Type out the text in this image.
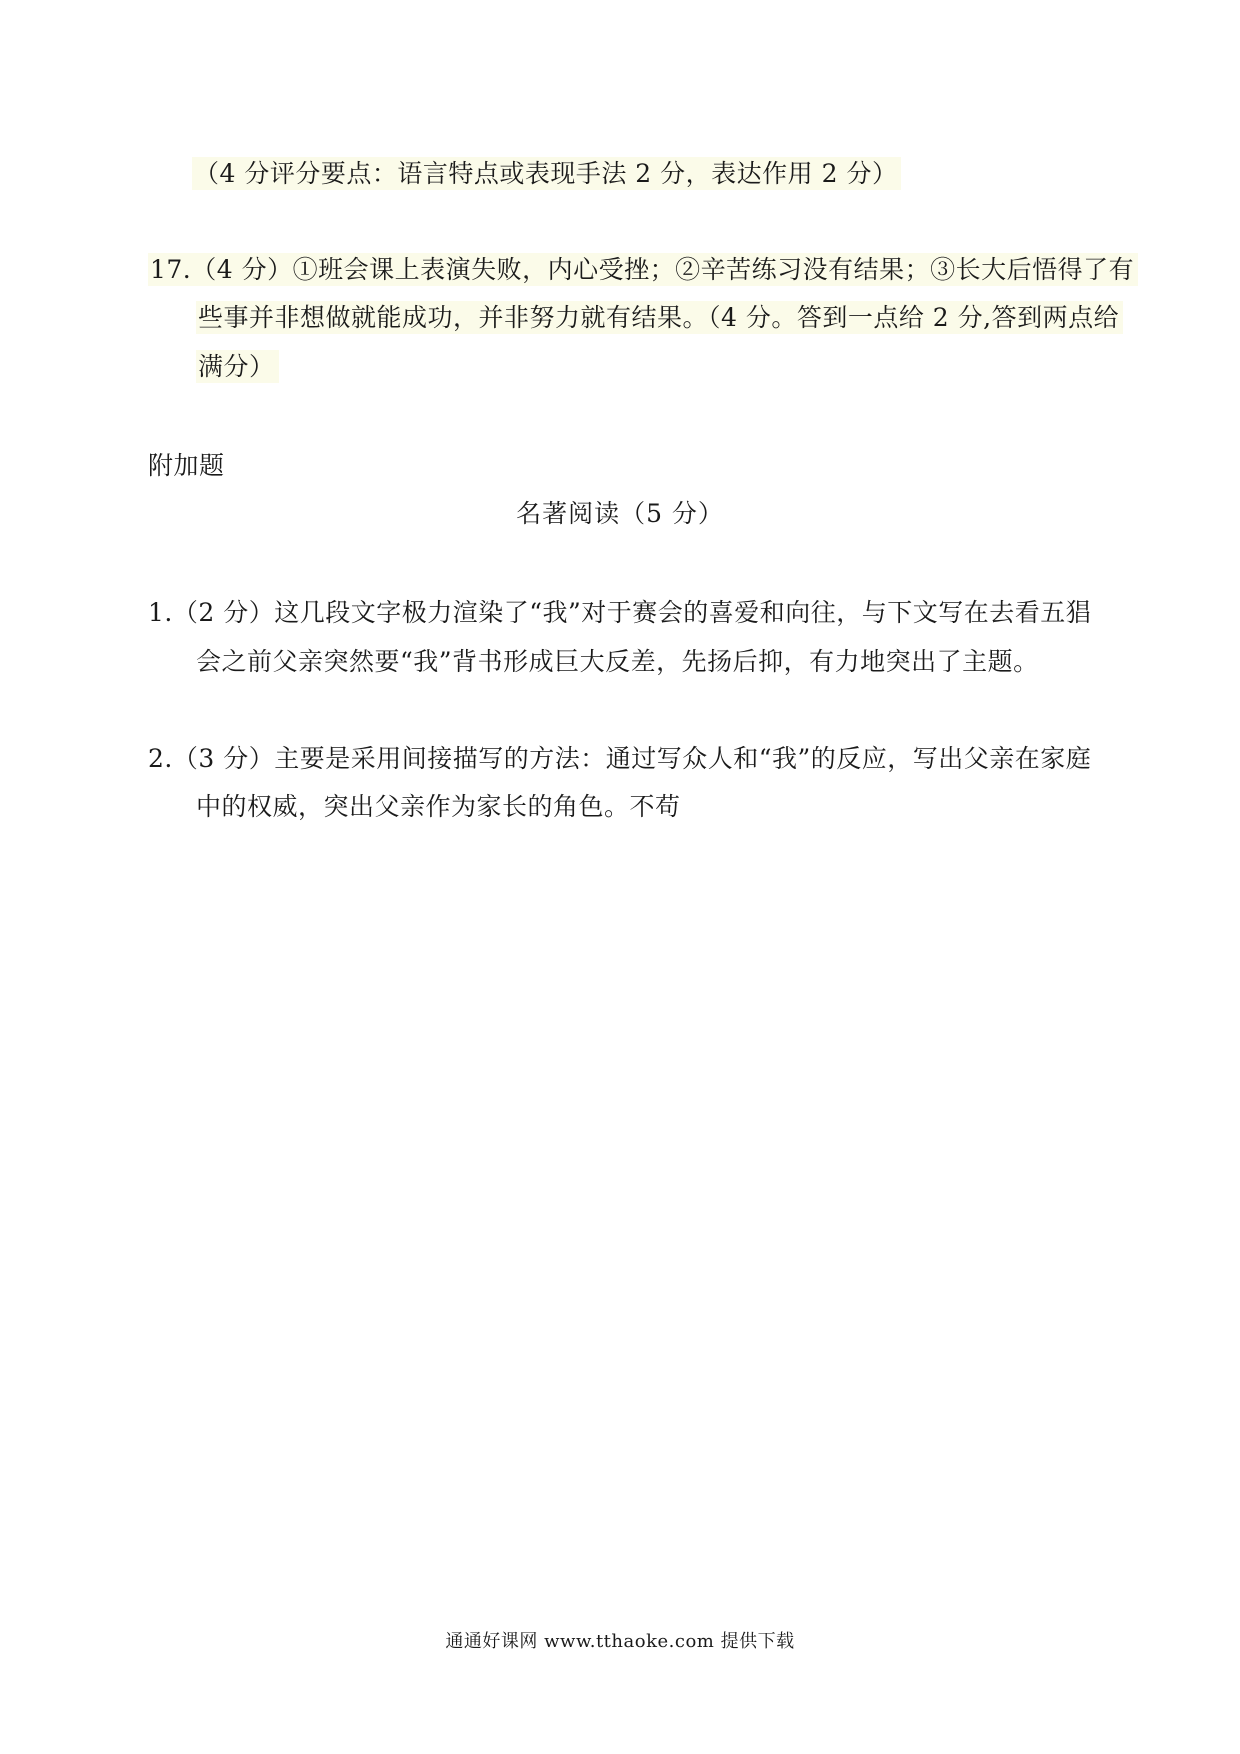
（4 分评分要点：语言特点或表现手法 2 分，表达作用 2 分）
17.（4 分）①班会课上表演失败，内心受挫；②辛苦练习没有结果；③长大后悟得了有
些事并非想做就能成功，并非努力就有结果。（4 分。答到一点给 2 分,答到两点给
满分）
附加题
名著阅读（5 分）
1.（2 分）这几段文字极力渲染了“我”对于赛会的喜爱和向往，与下文写在去看五猖
会之前父亲突然要“我”背书形成巨大反差，先扬后抑，有力地突出了主题。
2.（3 分）主要是采用间接描写的方法：通过写众人和“我”的反应，写出父亲在家庭
中的权威，突出父亲作为家长的角色。不苟
通通好课网 www.tthaoke.com 提供下载
